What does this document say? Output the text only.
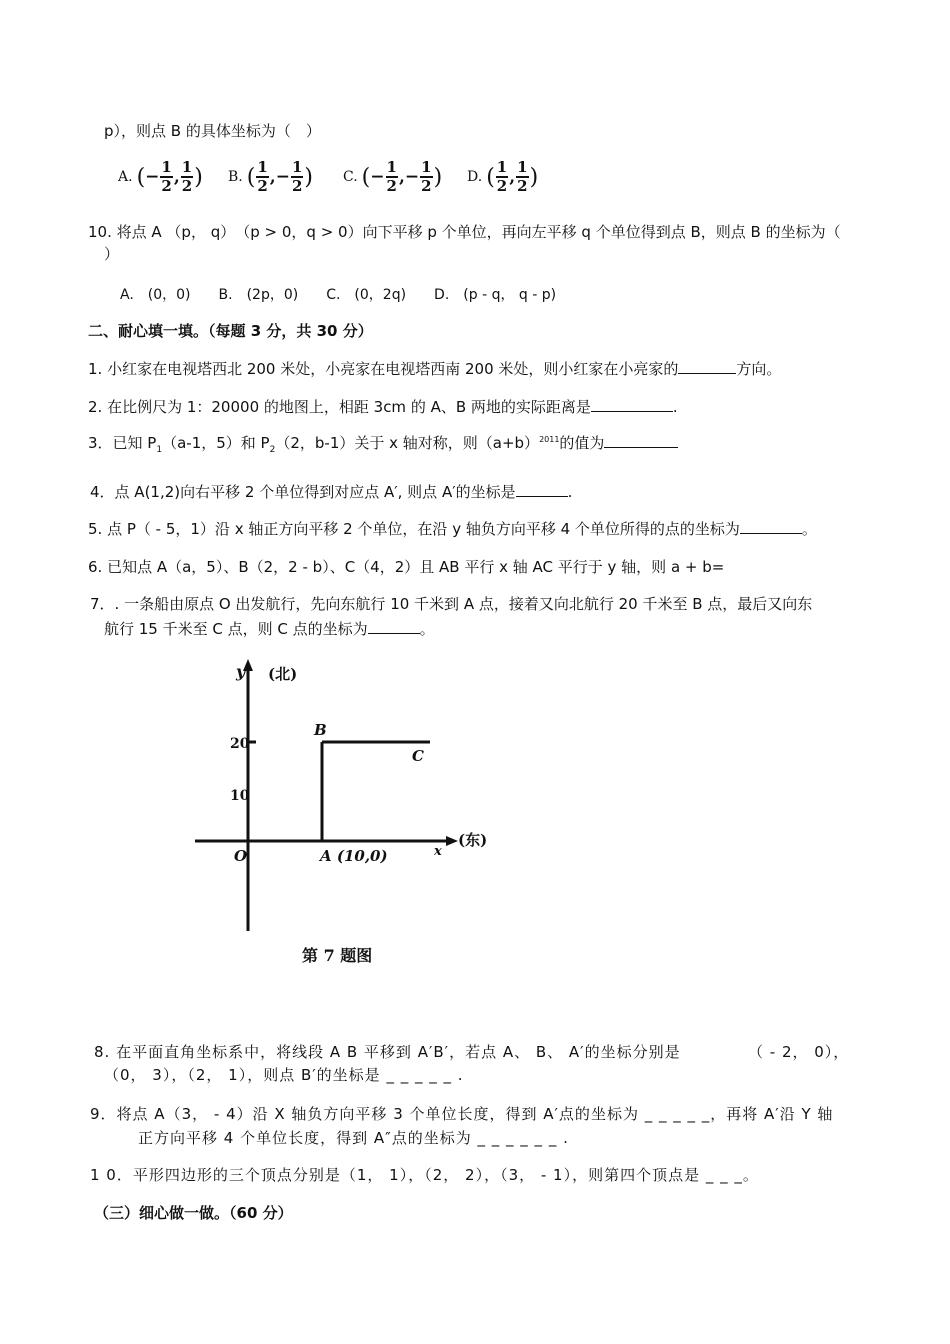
p），则点 B 的具体坐标为（　）
A. ( − $\frac{1}{2}$ , $\frac{1}{2}$ ) B. ( $\frac{1}{2}$ ,− $\frac{1}{2}$ ) C. ( − $\frac{1}{2}$ ,− $\frac{1}{2}$ ) D. ( $\frac{1}{2}$ , $\frac{1}{2}$ )
10. 将点 A （p， q）　（p > 0，q > 0）向下平移 p 个单位，再向左平移 q 个单位得到点 B，则点 B 的坐标为（
）
A.　(0，0)　　B.　(2p，0)　　C.　(0，2q)　　D.　(p - q， q - p)
二、耐心填一填。（每题 3 分，共 30 分）
1. 小红家在电视塔西北 200 米处，小亮家在电视塔西南 200 米处，则小红家在小亮家的	方向。
2. 在比例尺为 1：20000 的地图上，相距 3cm 的 A、B 两地的实际距离是	.
3．已知 $P_1(a-1$，5）和 $P_2(2$，b-1）关于 x 轴对称，则$(a+b)^{2011}$的值为
4．点 A(1,2)向右平移 2 个单位得到对应点 A′, 则点 A′的坐标是	.
5. 点 P（ - 5，1）沿 x 轴正方向平移 2 个单位，在沿 y 轴负方向平移 4 个单位所得的点的坐标为	。
6. 已知点 A（a，5）、B（2，2 - b）、C（4，2）且 AB 平行 x 轴 AC 平行于 y 轴，则 a + b=
7．. 一条船由原点 O 出发航行，先向东航行 10 千米到 A 点，接着又向北航行 20 千米至 B 点，最后又向东
航行 15 千米至 C 点，则 C 点的坐标为	。
y (北)
20
10
B
C
O	A (10,0)	x
(东)
第 7 题图
8. 在平面直角坐标系中，将线段 A B 平移到 A′B′，若点 A、 B、 A′的坐标分别是	（ - 2， 0），
（0， 3），（2， 1），则点 B′的坐标是 _ _ _ _ _ .
9．将点 A（3， - 4）沿 X 轴负方向平移 3 个单位长度，得到 A′点的坐标为 _ _ _ _ _，再将 A′沿 Y 轴
正方向平移 4 个单位长度，得到 A″点的坐标为 _ _ _ _ _ _ .
1 0．平形四边形的三个顶点分别是（1， 1），（2， 2），（3， - 1），则第四个顶点是 _ _ _。
（三）细心做一做。（60 分）
